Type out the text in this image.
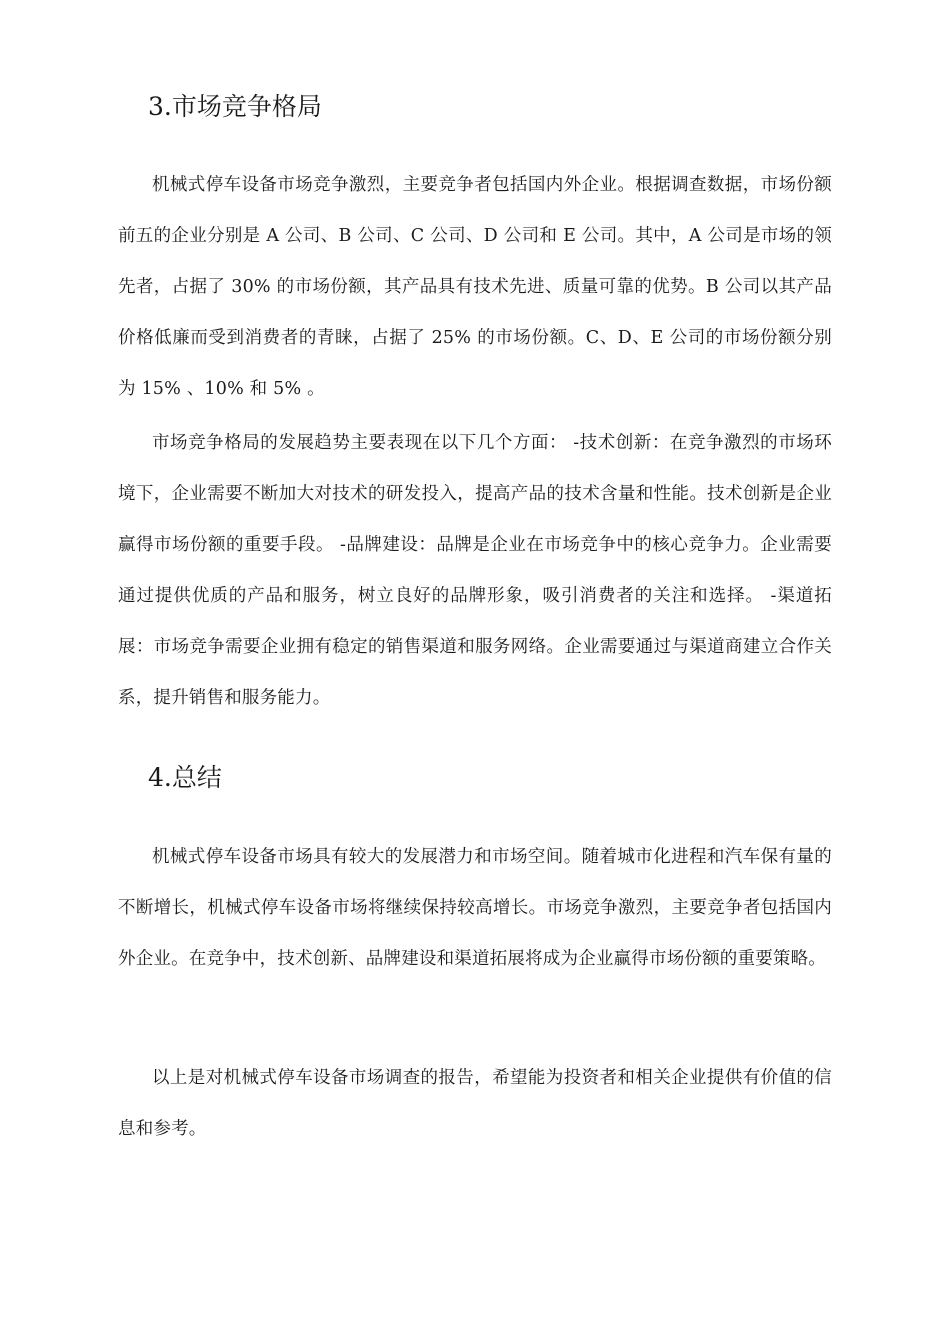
3.市场竞争格局

机械式停车设备市场竞争激烈，主要竞争者包括国内外企业。根据调查数据，市场份额前五的企业分别是 A 公司、B 公司、C 公司、D 公司和 E 公司。其中，A 公司是市场的领先者，占据了 30% 的市场份额，其产品具有技术先进、质量可靠的优势。B 公司以其产品价格低廉而受到消费者的青睐，占据了 25% 的市场份额。C、D、E 公司的市场份额分别为 15% 、10% 和 5% 。

市场竞争格局的发展趋势主要表现在以下几个方面： -技术创新：在竞争激烈的市场环境下，企业需要不断加大对技术的研发投入，提高产品的技术含量和性能。技术创新是企业赢得市场份额的重要手段。 -品牌建设：品牌是企业在市场竞争中的核心竞争力。企业需要通过提供优质的产品和服务，树立良好的品牌形象，吸引消费者的关注和选择。 -渠道拓展：市场竞争需要企业拥有稳定的销售渠道和服务网络。企业需要通过与渠道商建立合作关系，提升销售和服务能力。

4.总结

机械式停车设备市场具有较大的发展潜力和市场空间。随着城市化进程和汽车保有量的不断增长，机械式停车设备市场将继续保持较高增长。市场竞争激烈，主要竞争者包括国内外企业。在竞争中，技术创新、品牌建设和渠道拓展将成为企业赢得市场份额的重要策略。

以上是对机械式停车设备市场调查的报告，希望能为投资者和相关企业提供有价值的信息和参考。
